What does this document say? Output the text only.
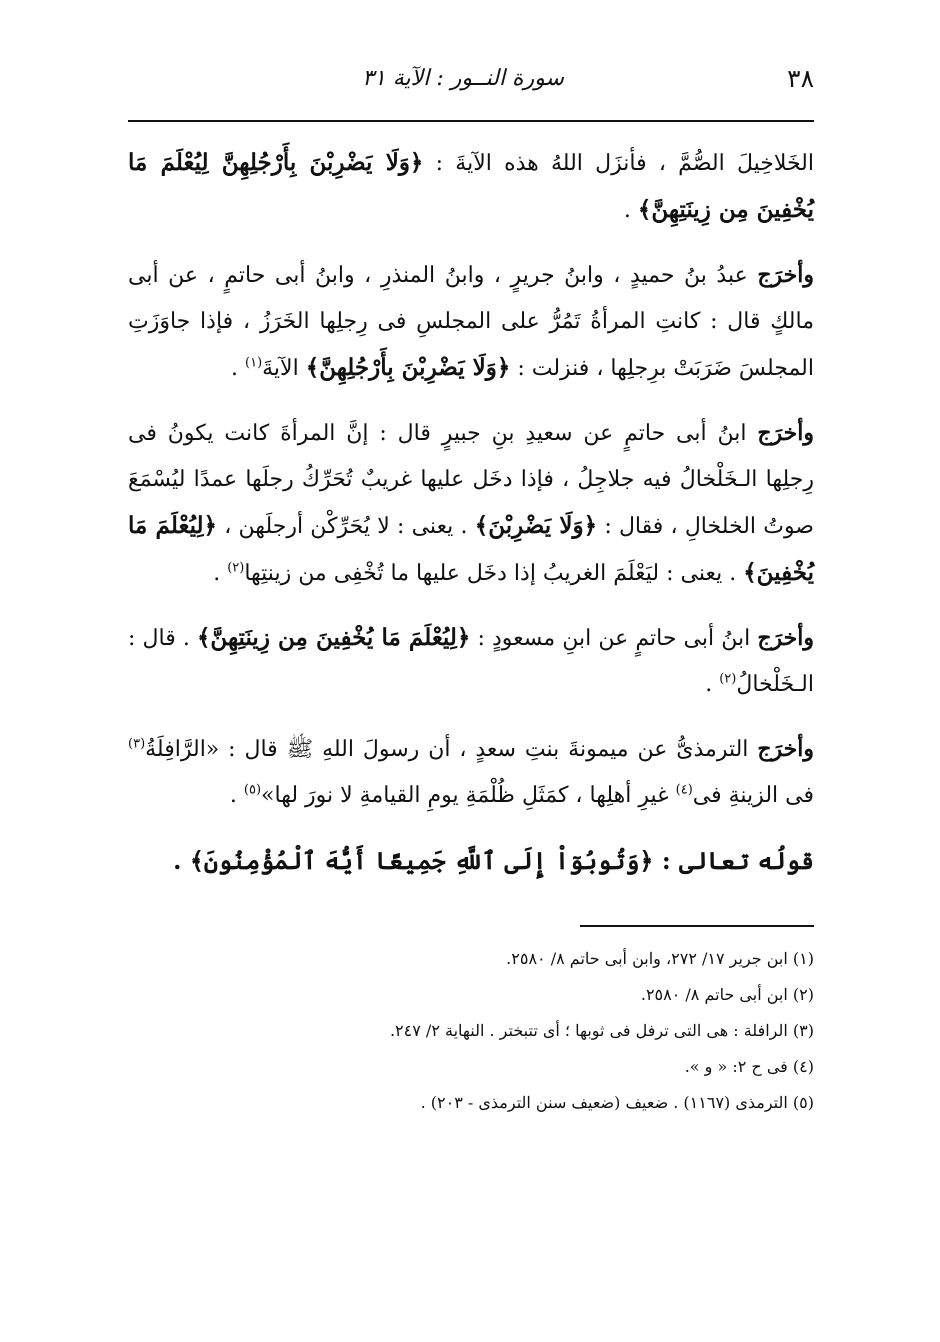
٣٨
سورة النــور : الآية ٣١

الخَلاخِيلَ الصُّمَّ ، فأنزَل اللهُ هذه الآيةَ : ﴿وَلَا يَضْرِبْنَ بِأَرْجُلِهِنَّ لِيُعْلَمَ مَا يُخْفِينَ مِن زِينَتِهِنَّ﴾ .

وأخرَج عبدُ بنُ حميدٍ ، وابنُ جريرٍ ، وابنُ المنذرِ ، وابنُ أبى حاتمٍ ، عن أبى مالكٍ قال : كانتِ المرأةُ تَمُرُّ على المجلسِ فى رِجلِها الخَرَزُ ، فإذا جاوَزَتِ المجلسَ ضَرَبَتْ برِجلِها ، فنزلت : ﴿وَلَا يَضْرِبْنَ بِأَرْجُلِهِنَّ﴾ الآيةَ$^{(١)}$ .

وأخرَج ابنُ أبى حاتمٍ عن سعيدِ بنِ جبيرٍ قال : إنَّ المرأةَ كانت يكونُ فى رِجلِها الـخَلْخالُ فيه جلاجِلُ ، فإذا دخَل عليها غريبٌ تُحَرِّكُ رجلَها عمدًا ليُسْمَعَ صوتُ الخلخالِ ، فقال : ﴿وَلَا يَضْرِبْنَ﴾ . يعنى : لا يُحَرِّكْن أرجلَهن ، ﴿لِيُعْلَمَ مَا يُخْفِينَ﴾ . يعنى : ليَعْلَمَ الغريبُ إذا دخَل عليها ما تُخْفِى من زينتِها$^{(٢)}$ .

وأخرَج ابنُ أبى حاتمٍ عن ابنِ مسعودٍ : ﴿لِيُعْلَمَ مَا يُخْفِينَ مِن زِينَتِهِنَّ﴾ . قال : الـخَلْخالُ$^{(٢)}$ .

وأخرَج الترمذىُّ عن ميمونةَ بنتِ سعدٍ ، أن رسولَ اللهِ ﷺ قال : «الرَّافِلَةُ$^{(٣)}$ فى الزينةِ فى$^{(٤)}$ غيرِ أهلِها ، كمَثَلِ ظُلْمَةِ يومِ القيامةِ لا نورَ لها»$^{(٥)}$ .

قولُه تعالى : ﴿وَتُوبُوٓاْ إِلَى ٱللَّهِ جَمِيعًا أَيُّهَ ٱلْمُؤْمِنُونَ﴾ .

(١) ابن جرير ١٧/ ٢٧٢، وابن أبى حاتم ٨/ ٢٥٨٠.
(٢) ابن أبى حاتم ٨/ ٢٥٨٠.
(٣) الرافلة : هى التى ترفل فى ثوبها ؛ أى تتبختر . النهاية ٢/ ٢٤٧.
(٤) فى ح ٢: « و ».
(٥) الترمذى (١١٦٧) . ضعيف (ضعيف سنن الترمذى - ٢٠٣) .
